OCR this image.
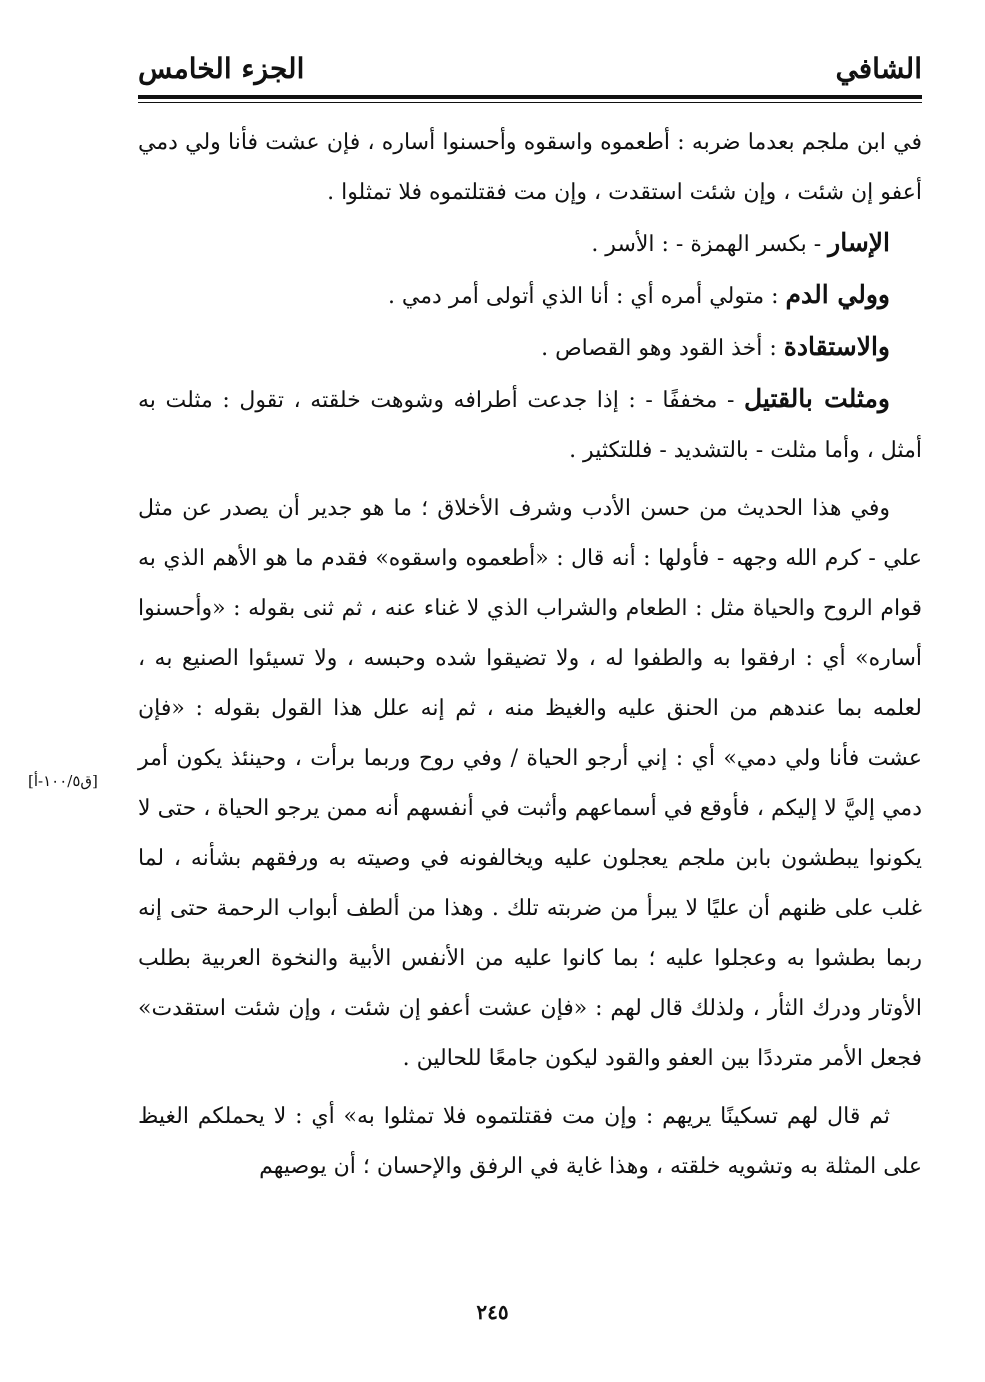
الشافي
الجزء الخامس

في ابن ملجم بعدما ضربه : أطعموه واسقوه وأحسنوا أساره ، فإن عشت فأنا ولي دمي أعفو إن شئت ، وإن شئت استقدت ، وإن مت فقتلتموه فلا تمثلوا .

الإسار - بكسر الهمزة - : الأسر .

وولي الدم : متولي أمره أي : أنا الذي أتولى أمر دمي .

والاستقادة : أخذ القود وهو القصاص .

ومثلت بالقتيل - مخففًا - : إذا جدعت أطرافه وشوهت خلقته ، تقول : مثلت به أمثل ، وأما مثلت - بالتشديد - فللتكثير .

وفي هذا الحديث من حسن الأدب وشرف الأخلاق ؛ ما هو جدير أن يصدر عن مثل علي - كرم الله وجهه - فأولها : أنه قال : «أطعموه واسقوه» فقدم ما هو الأهم الذي به قوام الروح والحياة مثل : الطعام والشراب الذي لا غناء عنه ، ثم ثنى بقوله : «وأحسنوا أساره» أي : ارفقوا به والطفوا له ، ولا تضيقوا شده وحبسه ، ولا تسيئوا الصنيع به ، لعلمه بما عندهم من الحنق عليه والغيظ منه ، ثم إنه علل هذا القول بقوله : «فإن عشت فأنا ولي دمي» أي : إني أرجو الحياة / وفي روح وربما برأت ، وحينئذ يكون أمر دمي إليَّ لا إليكم ، فأوقع في أسماعهم وأثبت في أنفسهم أنه ممن يرجو الحياة ، حتى لا يكونوا يبطشون بابن ملجم يعجلون عليه ويخالفونه في وصيته به ورفقهم بشأنه ، لما غلب على ظنهم أن عليًا لا يبرأ من ضربته تلك . وهذا من ألطف أبواب الرحمة حتى إنه ربما بطشوا به وعجلوا عليه ؛ بما كانوا عليه من الأنفس الأبية والنخوة العربية بطلب الأوتار ودرك الثأر ، ولذلك قال لهم : «فإن عشت أعفو إن شئت ، وإن شئت استقدت» فجعل الأمر مترددًا بين العفو والقود ليكون جامعًا للحالين .

ثم قال لهم تسكينًا يريهم : وإن مت فقتلتموه فلا تمثلوا به» أي : لا يحملكم الغيظ على المثلة به وتشويه خلقته ، وهذا غاية في الرفق والإحسان ؛ أن يوصيهم

[ق١٠٠/٥-أ]
٢٤٥
